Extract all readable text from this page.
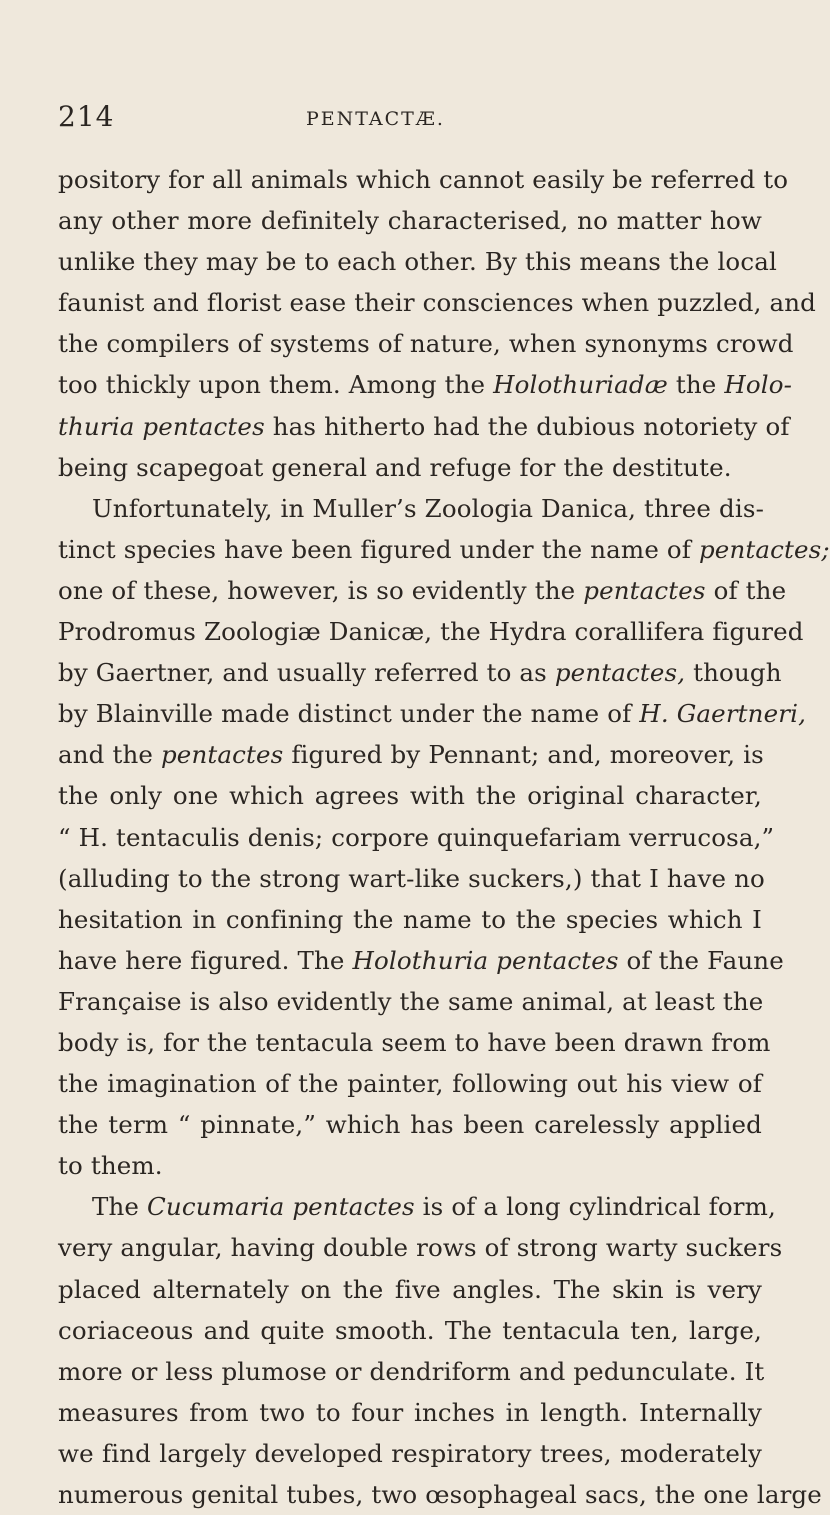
214	PENTACTÆ.
pository for all animals which cannot easily be referred to
any other more definitely characterised, no matter how
unlike they may be to each other. By this means the local
faunist and florist ease their consciences when puzzled, and
the compilers of systems of nature, when synonyms crowd
too thickly upon them. Among the Holothuriadæ the Holo-
thuria pentactes has hitherto had the dubious notoriety of
being scapegoat general and refuge for the destitute.
Unfortunately, in Muller’s Zoologia Danica, three dis-
tinct species have been figured under the name of pentactes;
one of these, however, is so evidently the pentactes of the
Prodromus Zoologiæ Danicæ, the Hydra corallifera figured
by Gaertner, and usually referred to as pentactes, though
by Blainville made distinct under the name of H. Gaertneri,
and the pentactes figured by Pennant; and, moreover, is
the only one which agrees with the original character,
“ H. tentaculis denis; corpore quinquefariam verrucosa,”
(alluding to the strong wart-like suckers,) that I have no
hesitation in confining the name to the species which I
have here figured. The Holothuria pentactes of the Faune
Française is also evidently the same animal, at least the
body is, for the tentacula seem to have been drawn from
the imagination of the painter, following out his view of
the term “ pinnate,” which has been carelessly applied
to them.
The Cucumaria pentactes is of a long cylindrical form,
very angular, having double rows of strong warty suckers
placed alternately on the five angles. The skin is very
coriaceous and quite smooth. The tentacula ten, large,
more or less plumose or dendriform and pedunculate. It
measures from two to four inches in length. Internally
we find largely developed respiratory trees, moderately
numerous genital tubes, two œsophageal sacs, the one large
